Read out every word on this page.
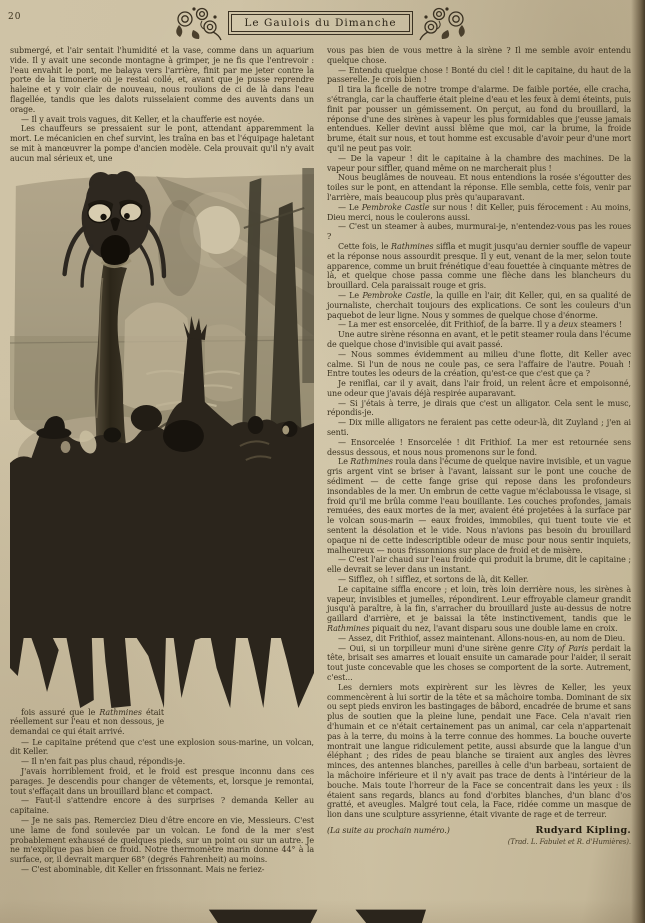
20	Le Gaulois du Dimanche

submergé, et l'air sentait l'humidité et la vase, comme dans un aquarium vide. Il y avait une seconde montagne à grimper, je ne fis que l'entrevoir : l'eau envahit le pont, me balaya vers l'arrière, finit par me jeter contre la porte de la timonerie où je restai collé, et, avant que je pusse reprendre haleine et y voir clair de nouveau, nous roulions de ci de là dans l'eau flagellée, tandis que les dalots ruisselaient comme des auvents dans un orage.

— Il y avait trois vagues, dit Keller, et la chaufferie est noyée.

Les chauffeurs se pressaient sur le pont, attendant apparemment la mort. Le mécanicien en chef survint, les traîna en bas et l'équipage haletant se mit à manœuvrer la pompe d'ancien modèle. Cela prouvait qu'il n'y avait aucun mal sérieux et, une

fois assuré que le Rathmines était réellement sur l'eau et non dessous, je demandai ce qui était arrivé.

— Le capitaine prétend que c'est une explosion sous-marine, un volcan, dit Keller.

— Il n'en fait pas plus chaud, répondis-je.

J'avais horriblement froid, et le froid est presque inconnu dans ces parages. Je descendis pour changer de vêtements, et, lorsque je remontai, tout s'effaçait dans un brouillard blanc et compact.

— Faut-il s'attendre encore à des surprises ? demanda Keller au capitaine.

— Je ne sais pas. Remerciez Dieu d'être encore en vie, Messieurs. C'est une lame de fond soulevée par un volcan. Le fond de la mer s'est probablement exhaussé de quelques pieds, sur un point ou sur un autre. Je ne m'explique pas bien ce froid. Notre thermomètre marin donne 44° à la surface, or, il devrait marquer 68° (degrés Fahrenheit) au moins.

— C'est abominable, dit Keller en frissonnant. Mais ne feriez-

vous pas bien de vous mettre à la sirène ? Il me semble avoir entendu quelque chose.

— Entendu quelque chose ! Bonté du ciel ! dit le capitaine, du haut de la passerelle. Je crois bien !

Il tira la ficelle de notre trompe d'alarme. De faible portée, elle cracha, s'étrangla, car la chaufferie était pleine d'eau et les feux à demi éteints, puis finit par pousser un gémissement. On perçut, au fond du brouillard, la réponse d'une des sirènes à vapeur les plus formidables que j'eusse jamais entendues. Keller devint aussi blême que moi, car la brume, la froide brume, était sur nous, et tout homme est excusable d'avoir peur d'une mort qu'il ne peut pas voir.

— De la vapeur ! dit le capitaine à la chambre des machines. De la vapeur pour siffler, quand même on ne marcherait plus !

Nous beuglâmes de nouveau. Et nous entendions la rosée s'égoutter des toiles sur le pont, en attendant la réponse. Elle sembla, cette fois, venir par l'arrière, mais beaucoup plus près qu'auparavant.

— Le Pembroke Castle sur nous ! dit Keller, puis férocement : Au moins, Dieu merci, nous le coulerons aussi.

— C'est un steamer à aubes, murmurai-je, n'entendez-vous pas les roues ?

Cette fois, le Rathmines siffla et mugit jusqu'au dernier souffle de vapeur et la réponse nous assourdit presque. Il y eut, venant de la mer, selon toute apparence, comme un bruit frénétique d'eau fouettée à cinquante mètres de là, et quelque chose passa comme une flèche dans les blancheurs du brouillard. Cela paraissait rouge et gris.

— Le Pembroke Castle, la quille en l'air, dit Keller, qui, en sa qualité de journaliste, cherchait toujours des explications. Ce sont les couleurs d'un paquebot de leur ligne. Nous y sommes de quelque chose d'énorme.

— La mer est ensorcelée, dit Frithiof, de la barre. Il y a deux steamers !

Une autre sirène résonna en avant, et le petit steamer roula dans l'écume de quelque chose d'invisible qui avait passé.

— Nous sommes évidemment au milieu d'une flotte, dit Keller avec calme. Si l'un de nous ne coule pas, ce sera l'affaire de l'autre. Pouah ! Entre toutes les odeurs de la création, qu'est-ce que c'est que ça ?

Je reniflai, car il y avait, dans l'air froid, un relent âcre et empoisonné, une odeur que j'avais déjà respirée auparavant.

— Si j'étais à terre, je dirais que c'est un alligator. Cela sent le musc, répondis-je.

— Dix mille alligators ne feraient pas cette odeur-là, dit Zuyland ; j'en ai senti.

— Ensorcelée ! Ensorcelée ! dit Frithiof. La mer est retournée sens dessus dessous, et nous nous promenons sur le fond.

Le Rathmines roula dans l'écume de quelque navire invisible, et un vague gris argent vint se briser à l'avant, laissant sur le pont une couche de sédiment — de cette fange grise qui repose dans les profondeurs insondables de la mer. Un embrun de cette vague m'éclaboussa le visage, si froid qu'il me brûla comme l'eau bouillante. Les couches profondes, jamais remuées, des eaux mortes de la mer, avaient été projetées à la surface par le volcan sous-marin — eaux froides, immobiles, qui tuent toute vie et sentent la désolation et le vide. Nous n'avions pas besoin du brouillard opaque ni de cette indescriptible odeur de musc pour nous sentir inquiets, malheureux — nous frissonnions sur place de froid et de misère.

— C'est l'air chaud sur l'eau froide qui produit la brume, dit le capitaine ; elle devrait se lever dans un instant.

— Sifflez, oh ! sifflez, et sortons de là, dit Keller.

Le capitaine siffla encore ; et loin, très loin derrière nous, les sirènes à vapeur, invisibles et jumelles, répondirent. Leur effroyable clameur grandit jusqu'à paraître, à la fin, s'arracher du brouillard juste au-dessus de notre gaillard d'arrière, et je baissai la tête instinctivement, tandis que le Rathmines piquait du nez, l'avant disparu sous une double lame en croix.

— Assez, dit Frithiof, assez maintenant. Allons-nous-en, au nom de Dieu.

— Oui, si un torpilleur muni d'une sirène genre City of Paris perdait la tête, brisait ses amarres et louait ensuite un camarade pour l'aider, il serait tout juste concevable que les choses se comportent de la sorte. Autrement, c'est...

Les derniers mots expirèrent sur les lèvres de Keller, les yeux commencèrent à lui sortir de la tête et sa mâchoire tomba. Dominant de six ou sept pieds environ les bastingages de bâbord, encadrée de brume et sans plus de soutien que la pleine lune, pendait une Face. Cela n'avait rien d'humain et ce n'était certainement pas un animal, car cela n'appartenait pas à la terre, du moins à la terre connue des hommes. La bouche ouverte montrait une langue ridiculement petite, aussi absurde que la langue d'un éléphant ; des rides de peau blanche se tiraient aux angles des lèvres minces, des antennes blanches, pareilles à celle d'un barbeau, sortaient de la mâchoire inférieure et il n'y avait pas trace de dents à l'intérieur de la bouche. Mais toute l'horreur de la Face se concentrait dans les yeux : ils étaient sans regards, blancs au fond d'orbites blanches, d'un blanc d'os gratté, et aveugles. Malgré tout cela, la Face, ridée comme un masque de lion dans une sculpture assyrienne, était vivante de rage et de terreur.

(La suite au prochain numéro.)	Rudyard Kipling.
(Trad. L. Fabulet et R. d'Humières).
